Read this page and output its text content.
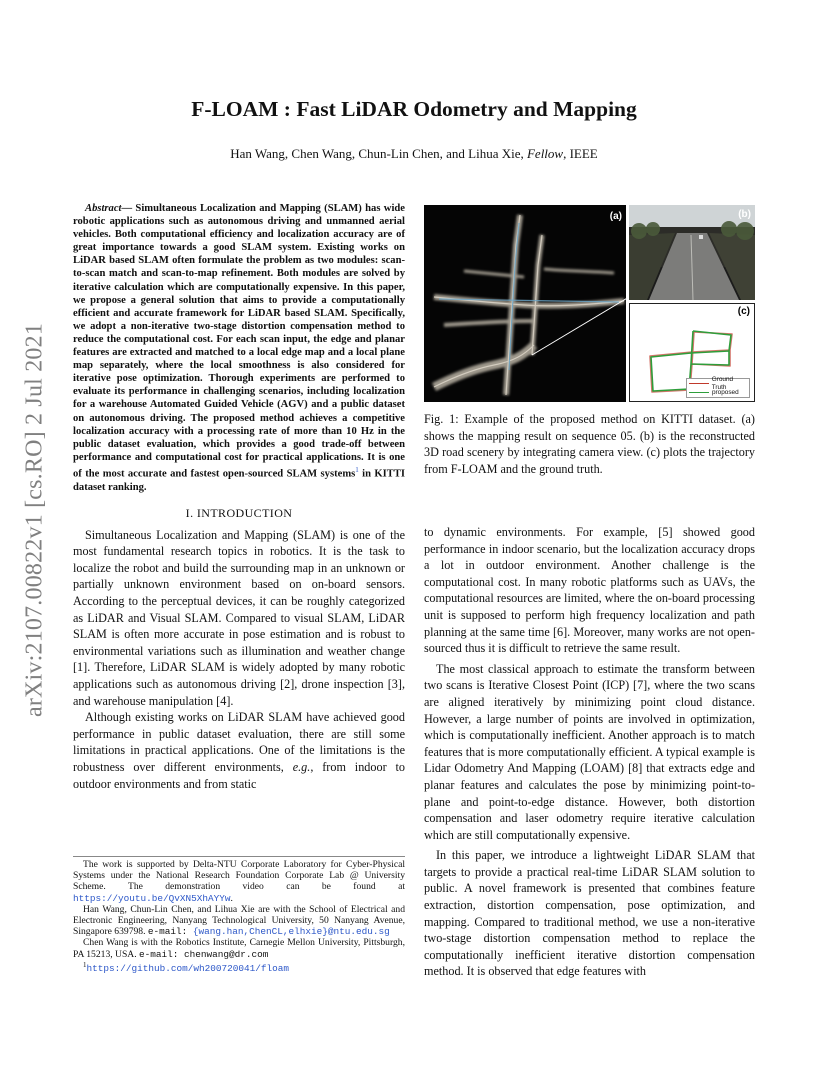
arXiv:2107.00822v1 [cs.RO] 2 Jul 2021
F-LOAM : Fast LiDAR Odometry and Mapping
Han Wang, Chen Wang, Chun-Lin Chen, and Lihua Xie, Fellow, IEEE

Abstract— Simultaneous Localization and Mapping (SLAM) has wide robotic applications such as autonomous driving and unmanned aerial vehicles. Both computational efficiency and localization accuracy are of great importance towards a good SLAM system. Existing works on LiDAR based SLAM often formulate the problem as two modules: scan-to-scan match and scan-to-map refinement. Both modules are solved by iterative calculation which are computationally expensive. In this paper, we propose a general solution that aims to provide a computationally efficient and accurate framework for LiDAR based SLAM. Specifically, we adopt a non-iterative two-stage distortion compensation method to reduce the computational cost. For each scan input, the edge and planar features are extracted and matched to a local edge map and a local plane map separately, where the local smoothness is also considered for iterative pose optimization. Thorough experiments are performed to evaluate its performance in challenging scenarios, including localization for a warehouse Automated Guided Vehicle (AGV) and a public dataset on autonomous driving. The proposed method achieves a competitive localization accuracy with a processing rate of more than 10 Hz in the public dataset evaluation, which provides a good trade-off between performance and computational cost for practical applications. It is one of the most accurate and fastest open-sourced SLAM systems$^1$ in KITTI dataset ranking.

I. INTRODUCTION

Simultaneous Localization and Mapping (SLAM) is one of the most fundamental research topics in robotics. It is the task to localize the robot and build the surrounding map in an unknown or partially unknown environment based on on-board sensors. According to the perceptual devices, it can be roughly categorized as LiDAR and Visual SLAM. Compared to visual SLAM, LiDAR SLAM is often more accurate in pose estimation and is robust to environmental variations such as illumination and weather change [1]. Therefore, LiDAR SLAM is widely adopted by many robotic applications such as autonomous driving [2], drone inspection [3], and warehouse manipulation [4].

Although existing works on LiDAR SLAM have achieved good performance in public dataset evaluation, there are still some limitations in practical applications. One of the limitations is the robustness over different environments, e.g., from indoor to outdoor environments and from static

The work is supported by Delta-NTU Corporate Laboratory for Cyber-Physical Systems under the National Research Foundation Corporate Lab @ University Scheme. The demonstration video can be found at https://youtu.be/QvXN5XhAYYw.

Han Wang, Chun-Lin Chen, and Lihua Xie are with the School of Electrical and Electronic Engineering, Nanyang Technological University, 50 Nanyang Avenue, Singapore 639798. e-mail: {wang.han,ChenCL,elhxie}@ntu.edu.sg

Chen Wang is with the Robotics Institute, Carnegie Mellon University, Pittsburgh, PA 15213, USA. e-mail: chenwang@dr.com

$^1$https://github.com/wh200720041/floam

(a)	(b)
(c)
Ground Truth
proposed

Fig. 1: Example of the proposed method on KITTI dataset. (a) shows the mapping result on sequence 05. (b) is the reconstructed 3D road scenery by integrating camera view. (c) plots the trajectory from F-LOAM and the ground truth.

to dynamic environments. For example, [5] showed good performance in indoor scenario, but the localization accuracy drops a lot in outdoor environment. Another challenge is the computational cost. In many robotic platforms such as UAVs, the computational resources are limited, where the on-board processing unit is supposed to perform high frequency localization and path planning at the same time [6]. Moreover, many works are not open-sourced thus it is difficult to retrieve the same result.

The most classical approach to estimate the transform between two scans is Iterative Closest Point (ICP) [7], where the two scans are aligned iteratively by minimizing point cloud distance. However, a large number of points are involved in optimization, which is computationally inefficient. Another approach is to match features that is more computationally efficient. A typical example is Lidar Odometry And Mapping (LOAM) [8] that extracts edge and planar features and calculates the pose by minimizing point-to-plane and point-to-edge distance. However, both distortion compensation and laser odometry require iterative calculation which are still computationally expensive.

In this paper, we introduce a lightweight LiDAR SLAM that targets to provide a practical real-time LiDAR SLAM solution to public. A novel framework is presented that combines feature extraction, distortion compensation, pose optimization, and mapping. Compared to traditional method, we use a non-iterative two-stage distortion compensation method to replace the computationally inefficient iterative distortion compensation method. It is observed that edge features with
